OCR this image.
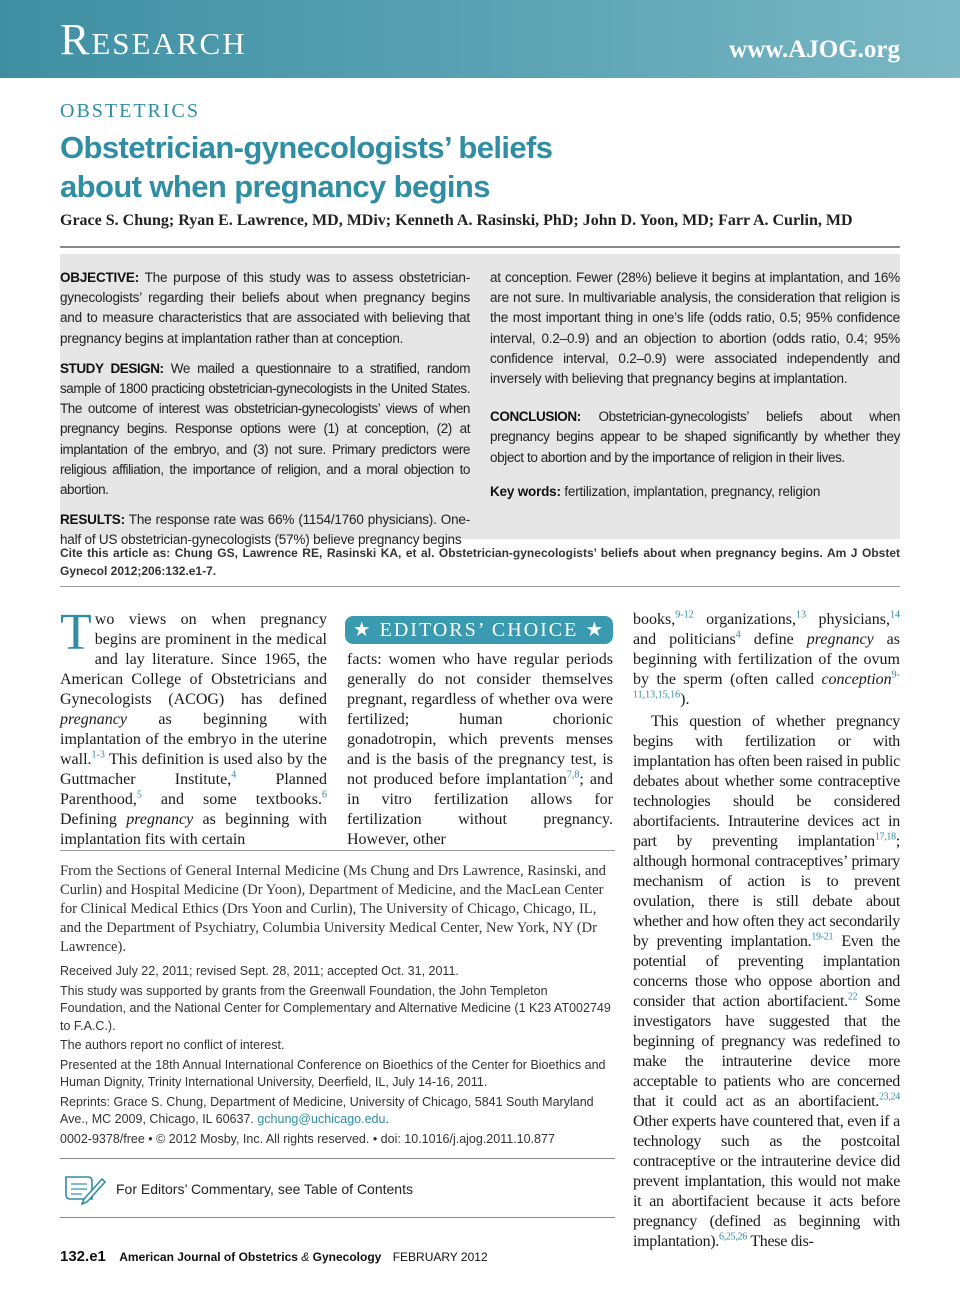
Research	www.AJOG.org
OBSTETRICS
Obstetrician-gynecologists’ beliefs
about when pregnancy begins
Grace S. Chung; Ryan E. Lawrence, MD, MDiv; Kenneth A. Rasinski, PhD; John D. Yoon, MD; Farr A. Curlin, MD

OBJECTIVE: The purpose of this study was to assess obstetrician-gynecologists’ regarding their beliefs about when pregnancy begins and to measure characteristics that are associated with believing that pregnancy begins at implantation rather than at conception.

STUDY DESIGN: We mailed a questionnaire to a stratified, random sample of 1800 practicing obstetrician-gynecologists in the United States. The outcome of interest was obstetrician-gynecologists’ views of when pregnancy begins. Response options were (1) at conception, (2) at implantation of the embryo, and (3) not sure. Primary predictors were religious affiliation, the importance of religion, and a moral objection to abortion.

RESULTS: The response rate was 66% (1154/1760 physicians). One-half of US obstetrician-gynecologists (57%) believe pregnancy begins

at conception. Fewer (28%) believe it begins at implantation, and 16% are not sure. In multivariable analysis, the consideration that religion is the most important thing in one’s life (odds ratio, 0.5; 95% confidence interval, 0.2–0.9) and an objection to abortion (odds ratio, 0.4; 95% confidence interval, 0.2–0.9) were associated independently and inversely with believing that pregnancy begins at implantation.

CONCLUSION: Obstetrician-gynecologists’ beliefs about when pregnancy begins appear to be shaped significantly by whether they object to abortion and by the importance of religion in their lives.

Key words: fertilization, implantation, pregnancy, religion

Cite this article as: Chung GS, Lawrence RE, Rasinski KA, et al. Obstetrician-gynecologists’ beliefs about when pregnancy begins. Am J Obstet Gynecol 2012;206:132.e1-7.
Two views on when pregnancy begins are prominent in the medical and lay literature. Since 1965, the American College of Obstetricians and Gynecologists (ACOG) has defined pregnancy as beginning with implantation of the embryo in the uterine wall.$^{1-3}$ This definition is used also by the Guttmacher Institute,$^4$ Planned Parenthood,$^5$ and some textbooks.$^6$ Defining pregnancy as beginning with implantation fits with certain
★ EDITORS’ CHOICE ★
facts: women who have regular periods generally do not consider themselves pregnant, regardless of whether ova were fertilized; human chorionic gonadotropin, which prevents menses and is the basis of the pregnancy test, is not produced before implantation$^{7,8}$; and in vitro fertilization allows for fertilization without pregnancy. However, other
books,$^{9-12}$ organizations,$^{13}$ physicians,$^{14}$ and politicians$^4$ define pregnancy as beginning with fertilization of the ovum by the sperm (often called conception$^{9-11,13,15,16}$).
This question of whether pregnancy begins with fertilization or with implantation has often been raised in public debates about whether some contraceptive technologies should be considered abortifacients. Intrauterine devices act in part by preventing implantation$^{17,18}$; although hormonal contraceptives’ primary mechanism of action is to prevent ovulation, there is still debate about whether and how often they act secondarily by preventing implantation.$^{19-21}$ Even the potential of preventing implantation concerns those who oppose abortion and consider that action abortifacient.$^{22}$ Some investigators have suggested that the beginning of pregnancy was redefined to make the intrauterine device more acceptable to patients who are concerned that it could act as an abortifacient.$^{23,24}$ Other experts have countered that, even if a technology such as the postcoital contraceptive or the intrauterine device did prevent implantation, this would not make it an abortifacient because it acts before pregnancy (defined as beginning with implantation).$^{6,25,26}$ These dis-
From the Sections of General Internal Medicine (Ms Chung and Drs Lawrence, Rasinski, and Curlin) and Hospital Medicine (Dr Yoon), Department of Medicine, and the MacLean Center for Clinical Medical Ethics (Drs Yoon and Curlin), The University of Chicago, Chicago, IL, and the Department of Psychiatry, Columbia University Medical Center, New York, NY (Dr Lawrence).
Received July 22, 2011; revised Sept. 28, 2011; accepted Oct. 31, 2011.
This study was supported by grants from the Greenwall Foundation, the John Templeton Foundation, and the National Center for Complementary and Alternative Medicine (1 K23 AT002749 to F.A.C.).
The authors report no conflict of interest.
Presented at the 18th Annual International Conference on Bioethics of the Center for Bioethics and Human Dignity, Trinity International University, Deerfield, IL, July 14-16, 2011.
Reprints: Grace S. Chung, Department of Medicine, University of Chicago, 5841 South Maryland Ave., MC 2009, Chicago, IL 60637. gchung@uchicago.edu.
0002-9378/free • © 2012 Mosby, Inc. All rights reserved. • doi: 10.1016/j.ajog.2011.10.877
For Editors’ Commentary, see Table of Contents
132.e1 American Journal of Obstetrics & Gynecology FEBRUARY 2012
